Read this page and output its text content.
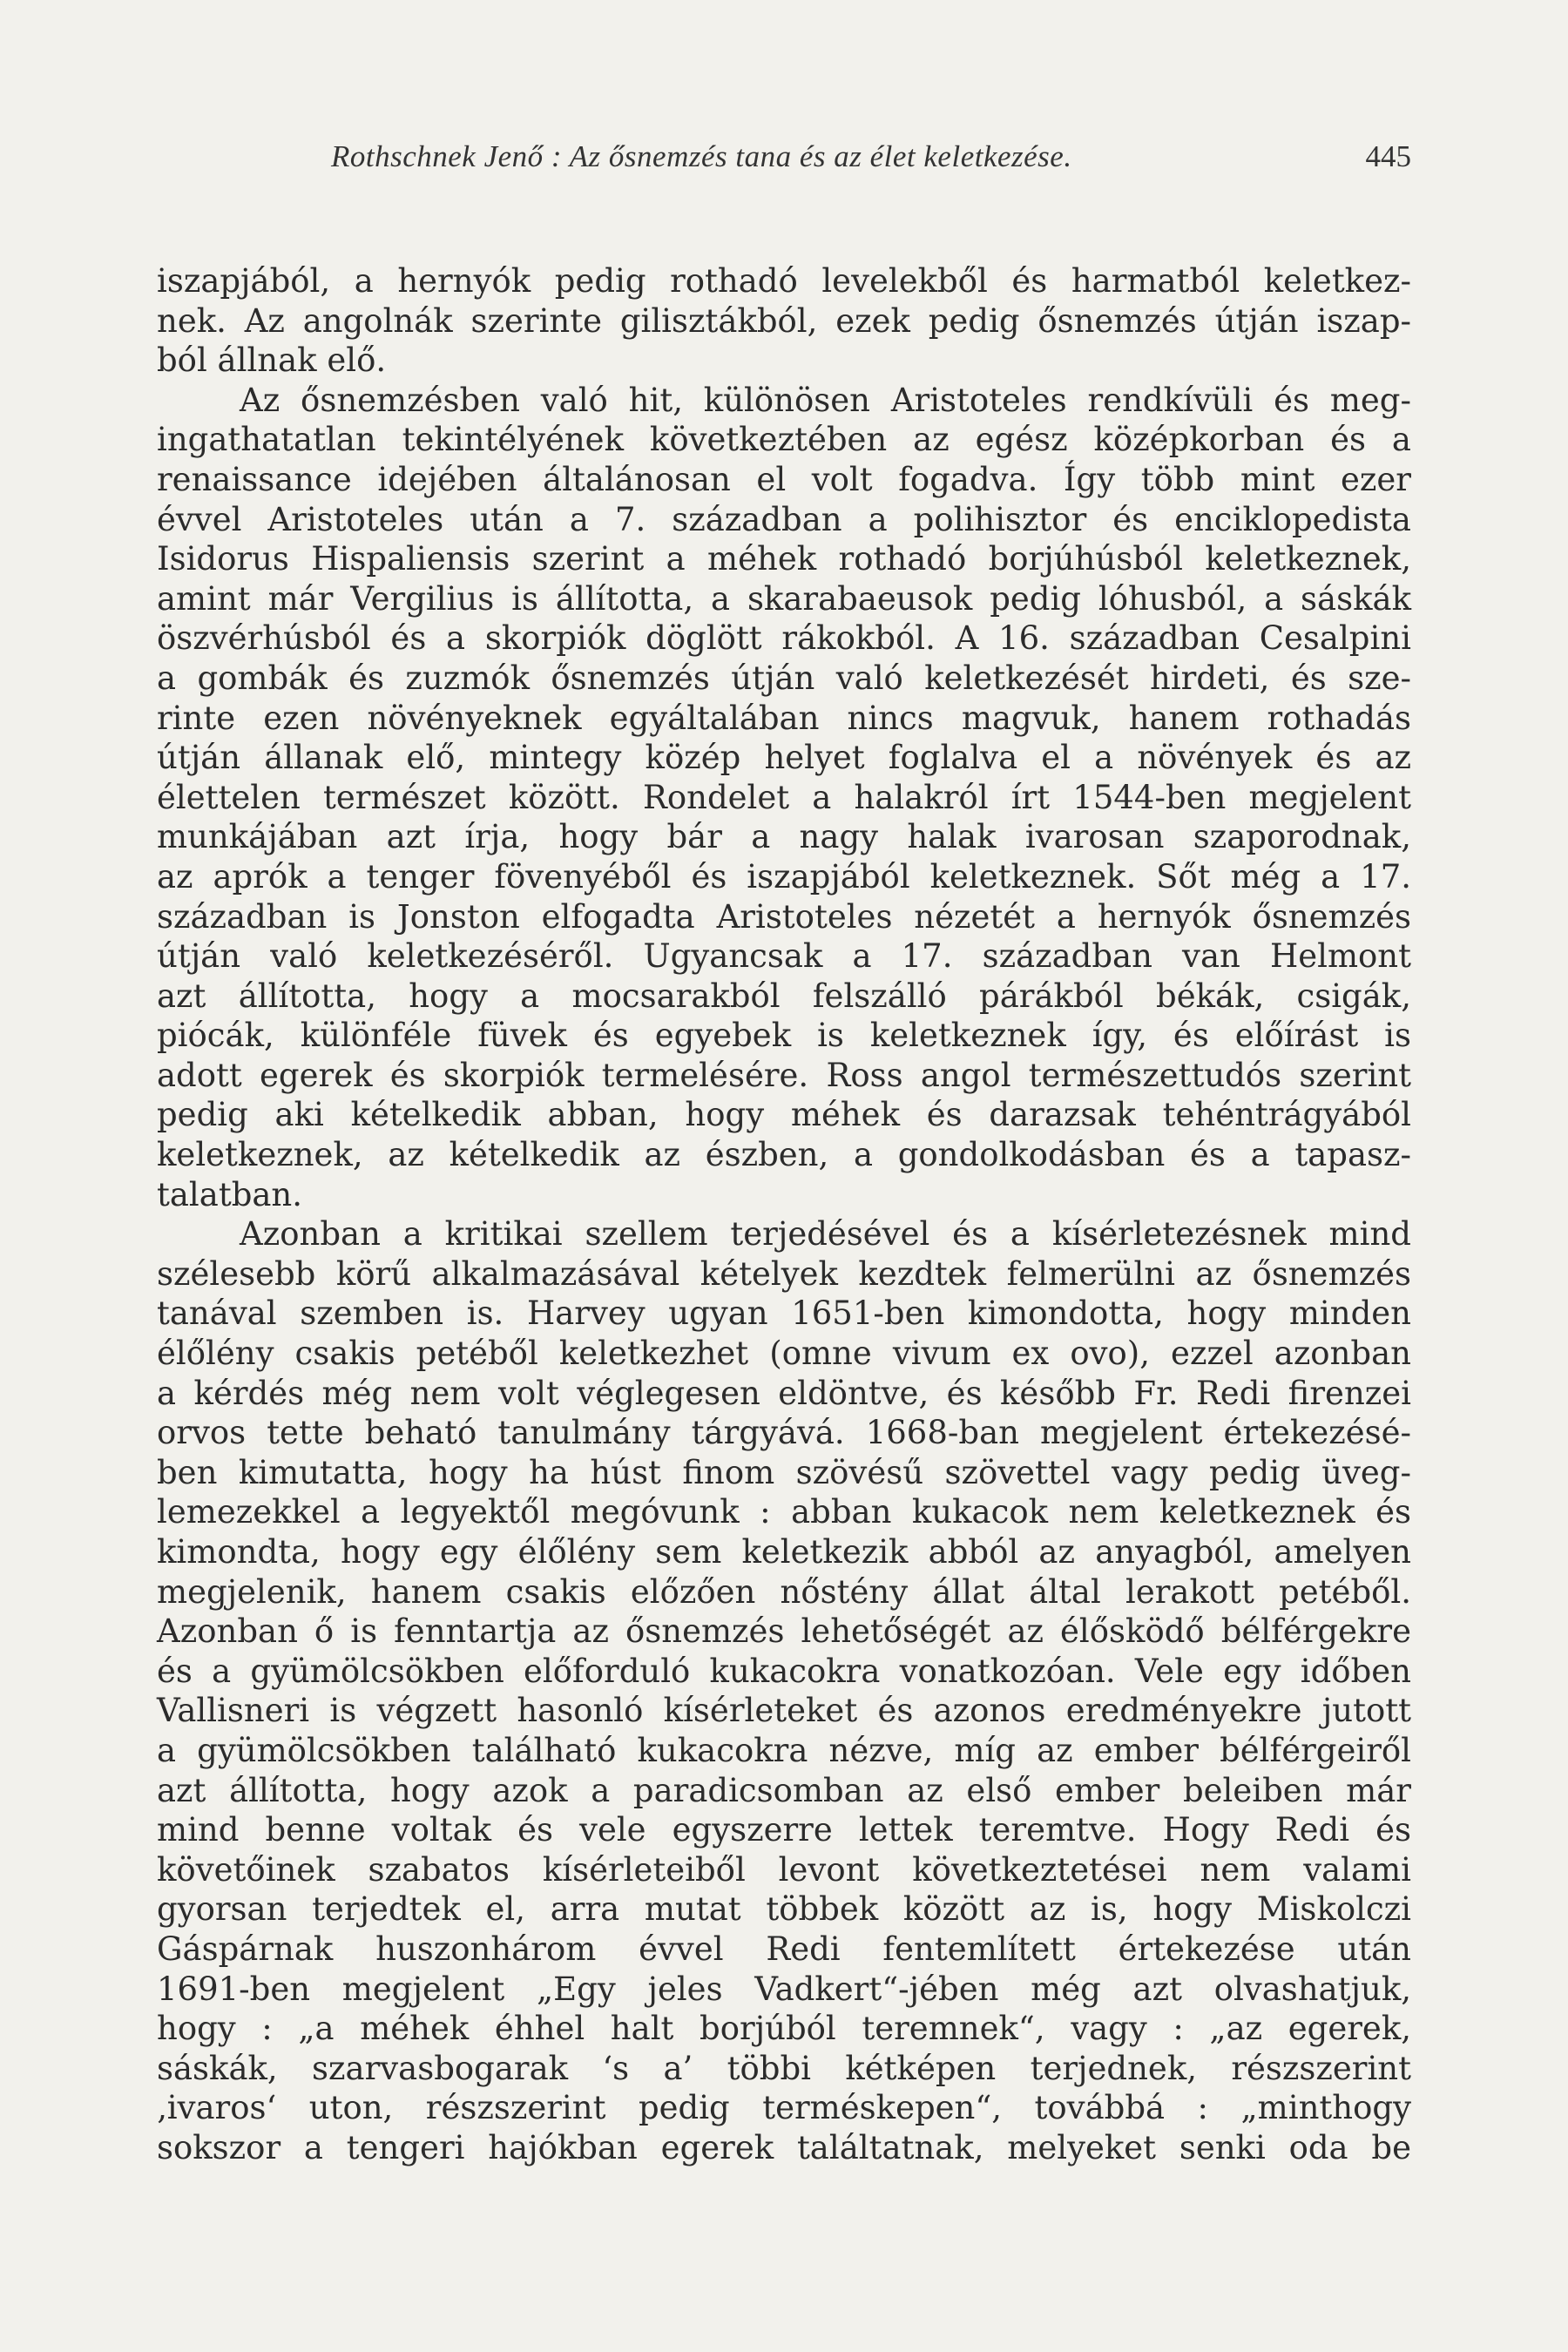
Rothschnek Jenő : Az ősnemzés tana és az élet keletkezése.	445
iszapjából, a hernyók pedig rothadó levelekből és harmatból keletkez-
nek. Az angolnák szerinte gilisztákból, ezek pedig ősnemzés útján iszap-
ból állnak elő.
Az ősnemzésben való hit, különösen Aristoteles rendkívüli és meg-
ingathatatlan tekintélyének következtében az egész középkorban és a
renaissance idejében általánosan el volt fogadva. Így több mint ezer
évvel Aristoteles után a 7. században a polihisztor és enciklopedista
Isidorus Hispaliensis szerint a méhek rothadó borjúhúsból keletkeznek,
amint már Vergilius is állította, a skarabaeusok pedig lóhusból, a sáskák
öszvérhúsból és a skorpiók döglött rákokból. A 16. században Cesalpini
a gombák és zuzmók ősnemzés útján való keletkezését hirdeti, és sze-
rinte ezen növényeknek egyáltalában nincs magvuk, hanem rothadás
útján állanak elő, mintegy közép helyet foglalva el a növények és az
élettelen természet között. Rondelet a halakról írt 1544-ben megjelent
munkájában azt írja, hogy bár a nagy halak ivarosan szaporodnak,
az aprók a tenger fövenyéből és iszapjából keletkeznek. Sőt még a 17.
században is Jonston elfogadta Aristoteles nézetét a hernyók ősnemzés
útján való keletkezéséről. Ugyancsak a 17. században van Helmont
azt állította, hogy a mocsarakból felszálló párákból békák, csigák,
piócák, különféle füvek és egyebek is keletkeznek így, és előírást is
adott egerek és skorpiók termelésére. Ross angol természettudós szerint
pedig aki kételkedik abban, hogy méhek és darazsak tehéntrágyából
keletkeznek, az kételkedik az észben, a gondolkodásban és a tapasz-
talatban.
Azonban a kritikai szellem terjedésével és a kísérletezésnek mind
szélesebb körű alkalmazásával kételyek kezdtek felmerülni az ősnemzés
tanával szemben is. Harvey ugyan 1651-ben kimondotta, hogy minden
élőlény csakis petéből keletkezhet (omne vivum ex ovo), ezzel azonban
a kérdés még nem volt véglegesen eldöntve, és később Fr. Redi firenzei
orvos tette beható tanulmány tárgyává. 1668-ban megjelent értekezésé-
ben kimutatta, hogy ha húst finom szövésű szövettel vagy pedig üveg-
lemezekkel a legyektől megóvunk : abban kukacok nem keletkeznek és
kimondta, hogy egy élőlény sem keletkezik abból az anyagból, amelyen
megjelenik, hanem csakis előzően nőstény állat által lerakott petéből.
Azonban ő is fenntartja az ősnemzés lehetőségét az élősködő bélférgekre
és a gyümölcsökben előforduló kukacokra vonatkozóan. Vele egy időben
Vallisneri is végzett hasonló kísérleteket és azonos eredményekre jutott
a gyümölcsökben található kukacokra nézve, míg az ember bélférgeiről
azt állította, hogy azok a paradicsomban az első ember beleiben már
mind benne voltak és vele egyszerre lettek teremtve. Hogy Redi és
követőinek szabatos kísérleteiből levont következtetései nem valami
gyorsan terjedtek el, arra mutat többek között az is, hogy Miskolczi
Gáspárnak huszonhárom évvel Redi fentemlített értekezése után
1691-ben megjelent „Egy jeles Vadkert“-jében még azt olvashatjuk,
hogy : „a méhek éhhel halt borjúból teremnek“, vagy : „az egerek,
sáskák, szarvasbogarak ‘s a’ többi kétképen terjednek, részszerint
‚ivaros‘ uton, részszerint pedig terméskepen“, továbbá : „minthogy
sokszor a tengeri hajókban egerek találtatnak, melyeket senki oda be
